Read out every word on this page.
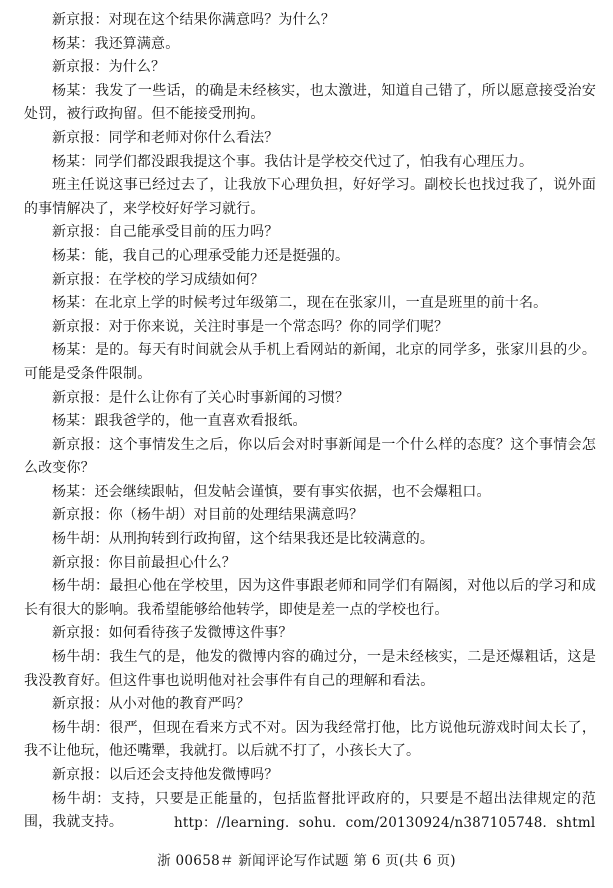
新京报：对现在这个结果你满意吗？为什么？

杨某：我还算满意。

新京报：为什么？

杨某：我发了一些话，的确是未经核实，也太激进，知道自己错了，所以愿意接受治安处罚，被行政拘留。但不能接受刑拘。

新京报：同学和老师对你什么看法？

杨某：同学们都没跟我提这个事。我估计是学校交代过了，怕我有心理压力。

班主任说这事已经过去了，让我放下心理负担，好好学习。副校长也找过我了，说外面的事情解决了，来学校好好学习就行。

新京报：自己能承受目前的压力吗？

杨某：能，我自己的心理承受能力还是挺强的。

新京报：在学校的学习成绩如何？

杨某：在北京上学的时候考过年级第二，现在在张家川，一直是班里的前十名。

新京报：对于你来说，关注时事是一个常态吗？你的同学们呢？

杨某：是的。每天有时间就会从手机上看网站的新闻，北京的同学多，张家川县的少。可能是受条件限制。

新京报：是什么让你有了关心时事新闻的习惯？

杨某：跟我爸学的，他一直喜欢看报纸。

新京报：这个事情发生之后，你以后会对时事新闻是一个什么样的态度？这个事情会怎么改变你？

杨某：还会继续跟帖，但发帖会谨慎，要有事实依据，也不会爆粗口。

新京报：你（杨牛胡）对目前的处理结果满意吗？

杨牛胡：从刑拘转到行政拘留，这个结果我还是比较满意的。

新京报：你目前最担心什么？

杨牛胡：最担心他在学校里，因为这件事跟老师和同学们有隔阂，对他以后的学习和成长有很大的影响。我希望能够给他转学，即使是差一点的学校也行。

新京报：如何看待孩子发微博这件事？

杨牛胡：我生气的是，他发的微博内容的确过分，一是未经核实，二是还爆粗话，这是我没教育好。但这件事也说明他对社会事件有自己的理解和看法。

新京报：从小对他的教育严吗？

杨牛胡：很严，但现在看来方式不对。因为我经常打他，比方说他玩游戏时间太长了，我不让他玩，他还嘴犟，我就打。以后就不打了，小孩长大了。

新京报：以后还会支持他发微博吗？

杨牛胡：支持，只要是正能量的，包括监督批评政府的，只要是不超出法律规定的范围，我就支持。	http：//learning．sohu．com/20130924/n387105748．shtml
浙 00658＃ 新闻评论写作试题 第 6 页(共 6 页)
